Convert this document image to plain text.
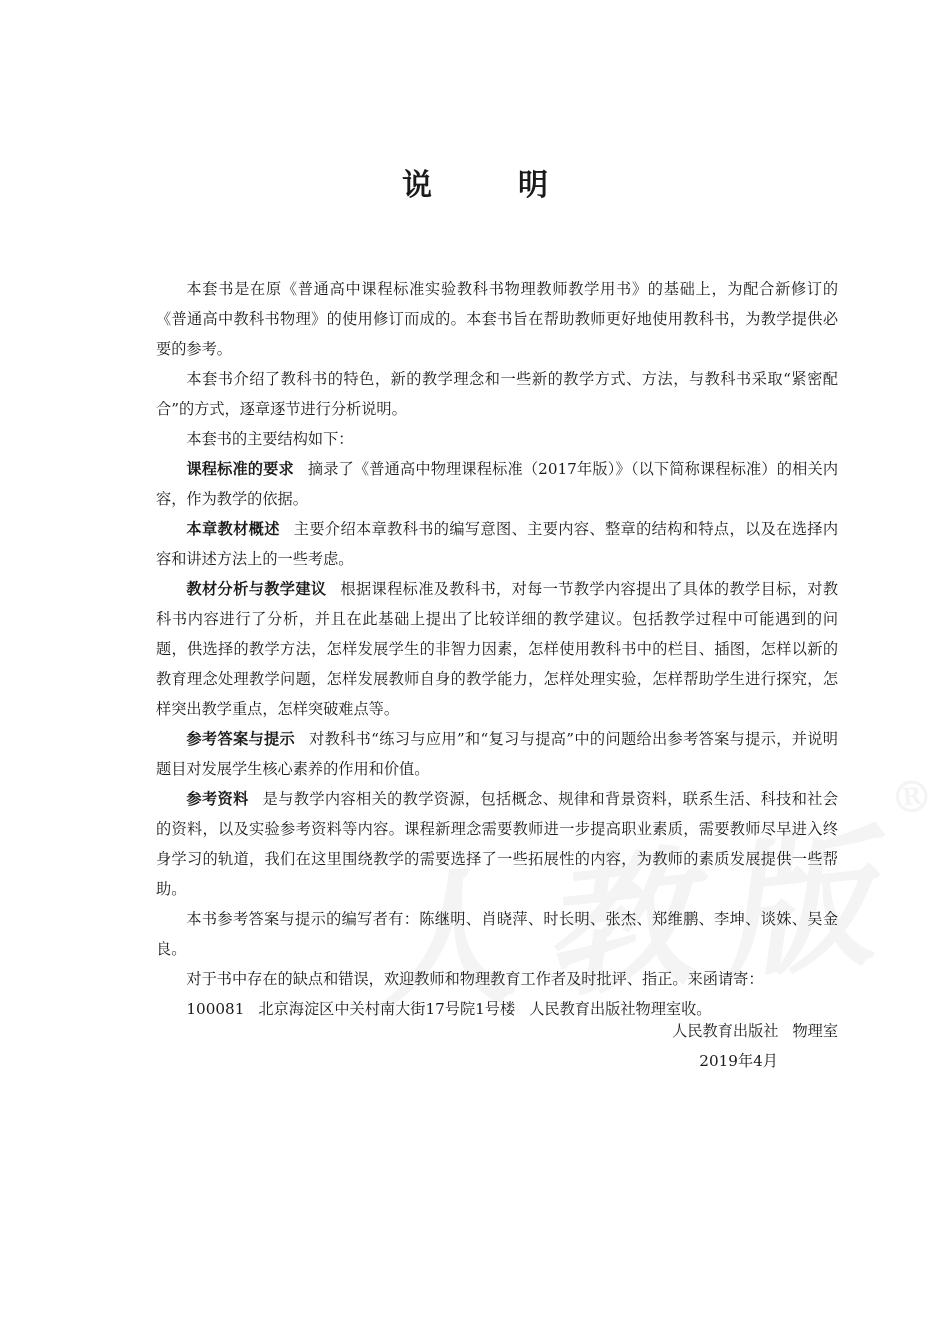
说　明

本套书是在原《普通高中课程标准实验教科书物理教师教学用书》的基础上，为配合新修订的《普通高中教科书物理》的使用修订而成的。本套书旨在帮助教师更好地使用教科书，为教学提供必要的参考。

本套书介绍了教科书的特色，新的教学理念和一些新的教学方式、方法，与教科书采取“紧密配合”的方式，逐章逐节进行分析说明。

本套书的主要结构如下：

课程标准的要求 摘录了《普通高中物理课程标准（2017年版）》（以下简称课程标准）的相关内容，作为教学的依据。

本章教材概述 主要介绍本章教科书的编写意图、主要内容、整章的结构和特点，以及在选择内容和讲述方法上的一些考虑。

教材分析与教学建议 根据课程标准及教科书，对每一节教学内容提出了具体的教学目标，对教科书内容进行了分析，并且在此基础上提出了比较详细的教学建议。包括教学过程中可能遇到的问题，供选择的教学方法，怎样发展学生的非智力因素，怎样使用教科书中的栏目、插图，怎样以新的教育理念处理教学问题，怎样发展教师自身的教学能力，怎样处理实验，怎样帮助学生进行探究，怎样突出教学重点，怎样突破难点等。

参考答案与提示 对教科书“练习与应用”和“复习与提高”中的问题给出参考答案与提示，并说明题目对发展学生核心素养的作用和价值。

参考资料 是与教学内容相关的教学资源，包括概念、规律和背景资料，联系生活、科技和社会的资料，以及实验参考资料等内容。课程新理念需要教师进一步提高职业素质，需要教师尽早进入终身学习的轨道，我们在这里围绕教学的需要选择了一些拓展性的内容，为教师的素质发展提供一些帮助。

本书参考答案与提示的编写者有：陈继明、肖晓萍、时长明、张杰、郑维鹏、李坤、谈姝、吴金良。

对于书中存在的缺点和错误，欢迎教师和物理教育工作者及时批评、指正。来函请寄：

100081 北京海淀区中关村南大街17号院1号楼 人民教育出版社物理室收。

人民教育出版社 物理室
2019年4月
